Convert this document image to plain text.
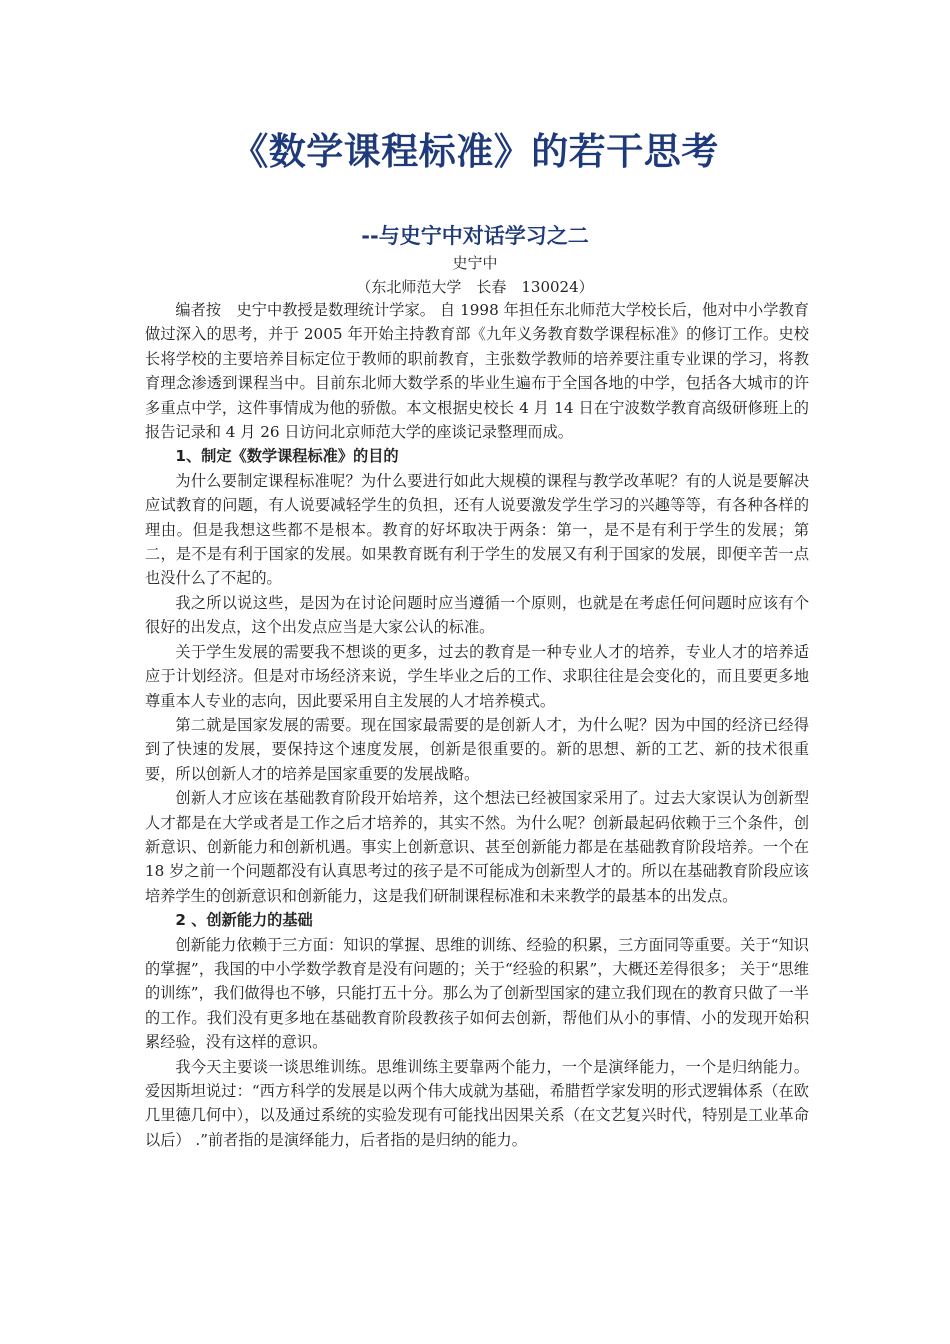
《数学课程标准》的若干思考
--与史宁中对话学习之二
史宁中
（东北师范大学　长春　130024）

编者按　史宁中教授是数理统计学家。 自 1998 年担任东北师范大学校长后，他对中小学教育做过深入的思考，并于 2005 年开始主持教育部《九年义务教育数学课程标准》的修订工作。史校长将学校的主要培养目标定位于教师的职前教育，主张数学教师的培养要注重专业课的学习，将教育理念渗透到课程当中。目前东北师大数学系的毕业生遍布于全国各地的中学，包括各大城市的许多重点中学，这件事情成为他的骄傲。本文根据史校长 4 月 14 日在宁波数学教育高级研修班上的报告记录和 4 月 26 日访问北京师范大学的座谈记录整理而成。

1、制定《数学课程标准》的目的

为什么要制定课程标准呢？为什么要进行如此大规模的课程与教学改革呢？有的人说是要解决应试教育的问题，有人说要减轻学生的负担，还有人说要激发学生学习的兴趣等等，有各种各样的理由。但是我想这些都不是根本。教育的好坏取决于两条：第一，是不是有利于学生的发展；第二，是不是有利于国家的发展。如果教育既有利于学生的发展又有利于国家的发展，即便辛苦一点也没什么了不起的。

我之所以说这些，是因为在讨论问题时应当遵循一个原则，也就是在考虑任何问题时应该有个很好的出发点，这个出发点应当是大家公认的标准。

关于学生发展的需要我不想谈的更多，过去的教育是一种专业人才的培养，专业人才的培养适应于计划经济。但是对市场经济来说，学生毕业之后的工作、求职往往是会变化的，而且要更多地尊重本人专业的志向，因此要采用自主发展的人才培养模式。

第二就是国家发展的需要。现在国家最需要的是创新人才，为什么呢？因为中国的经济已经得到了快速的发展，要保持这个速度发展，创新是很重要的。新的思想、新的工艺、新的技术很重要，所以创新人才的培养是国家重要的发展战略。

创新人才应该在基础教育阶段开始培养，这个想法已经被国家采用了。过去大家误认为创新型人才都是在大学或者是工作之后才培养的，其实不然。为什么呢？创新最起码依赖于三个条件，创新意识、创新能力和创新机遇。事实上创新意识、甚至创新能力都是在基础教育阶段培养。一个在 18 岁之前一个问题都没有认真思考过的孩子是不可能成为创新型人才的。所以在基础教育阶段应该培养学生的创新意识和创新能力，这是我们研制课程标准和未来教学的最基本的出发点。

2 、创新能力的基础

创新能力依赖于三方面：知识的掌握、思维的训练、经验的积累，三方面同等重要。关于“知识的掌握”，我国的中小学数学教育是没有问题的；关于“经验的积累”，大概还差得很多； 关于“思维的训练”，我们做得也不够，只能打五十分。那么为了创新型国家的建立我们现在的教育只做了一半的工作。我们没有更多地在基础教育阶段教孩子如何去创新，帮他们从小的事情、小的发现开始积累经验，没有这样的意识。

我今天主要谈一谈思维训练。思维训练主要靠两个能力，一个是演绎能力，一个是归纳能力。爱因斯坦说过：“西方科学的发展是以两个伟大成就为基础，希腊哲学家发明的形式逻辑体系（在欧几里德几何中），以及通过系统的实验发现有可能找出因果关系（在文艺复兴时代，特别是工业革命以后） .”前者指的是演绎能力，后者指的是归纳的能力。
